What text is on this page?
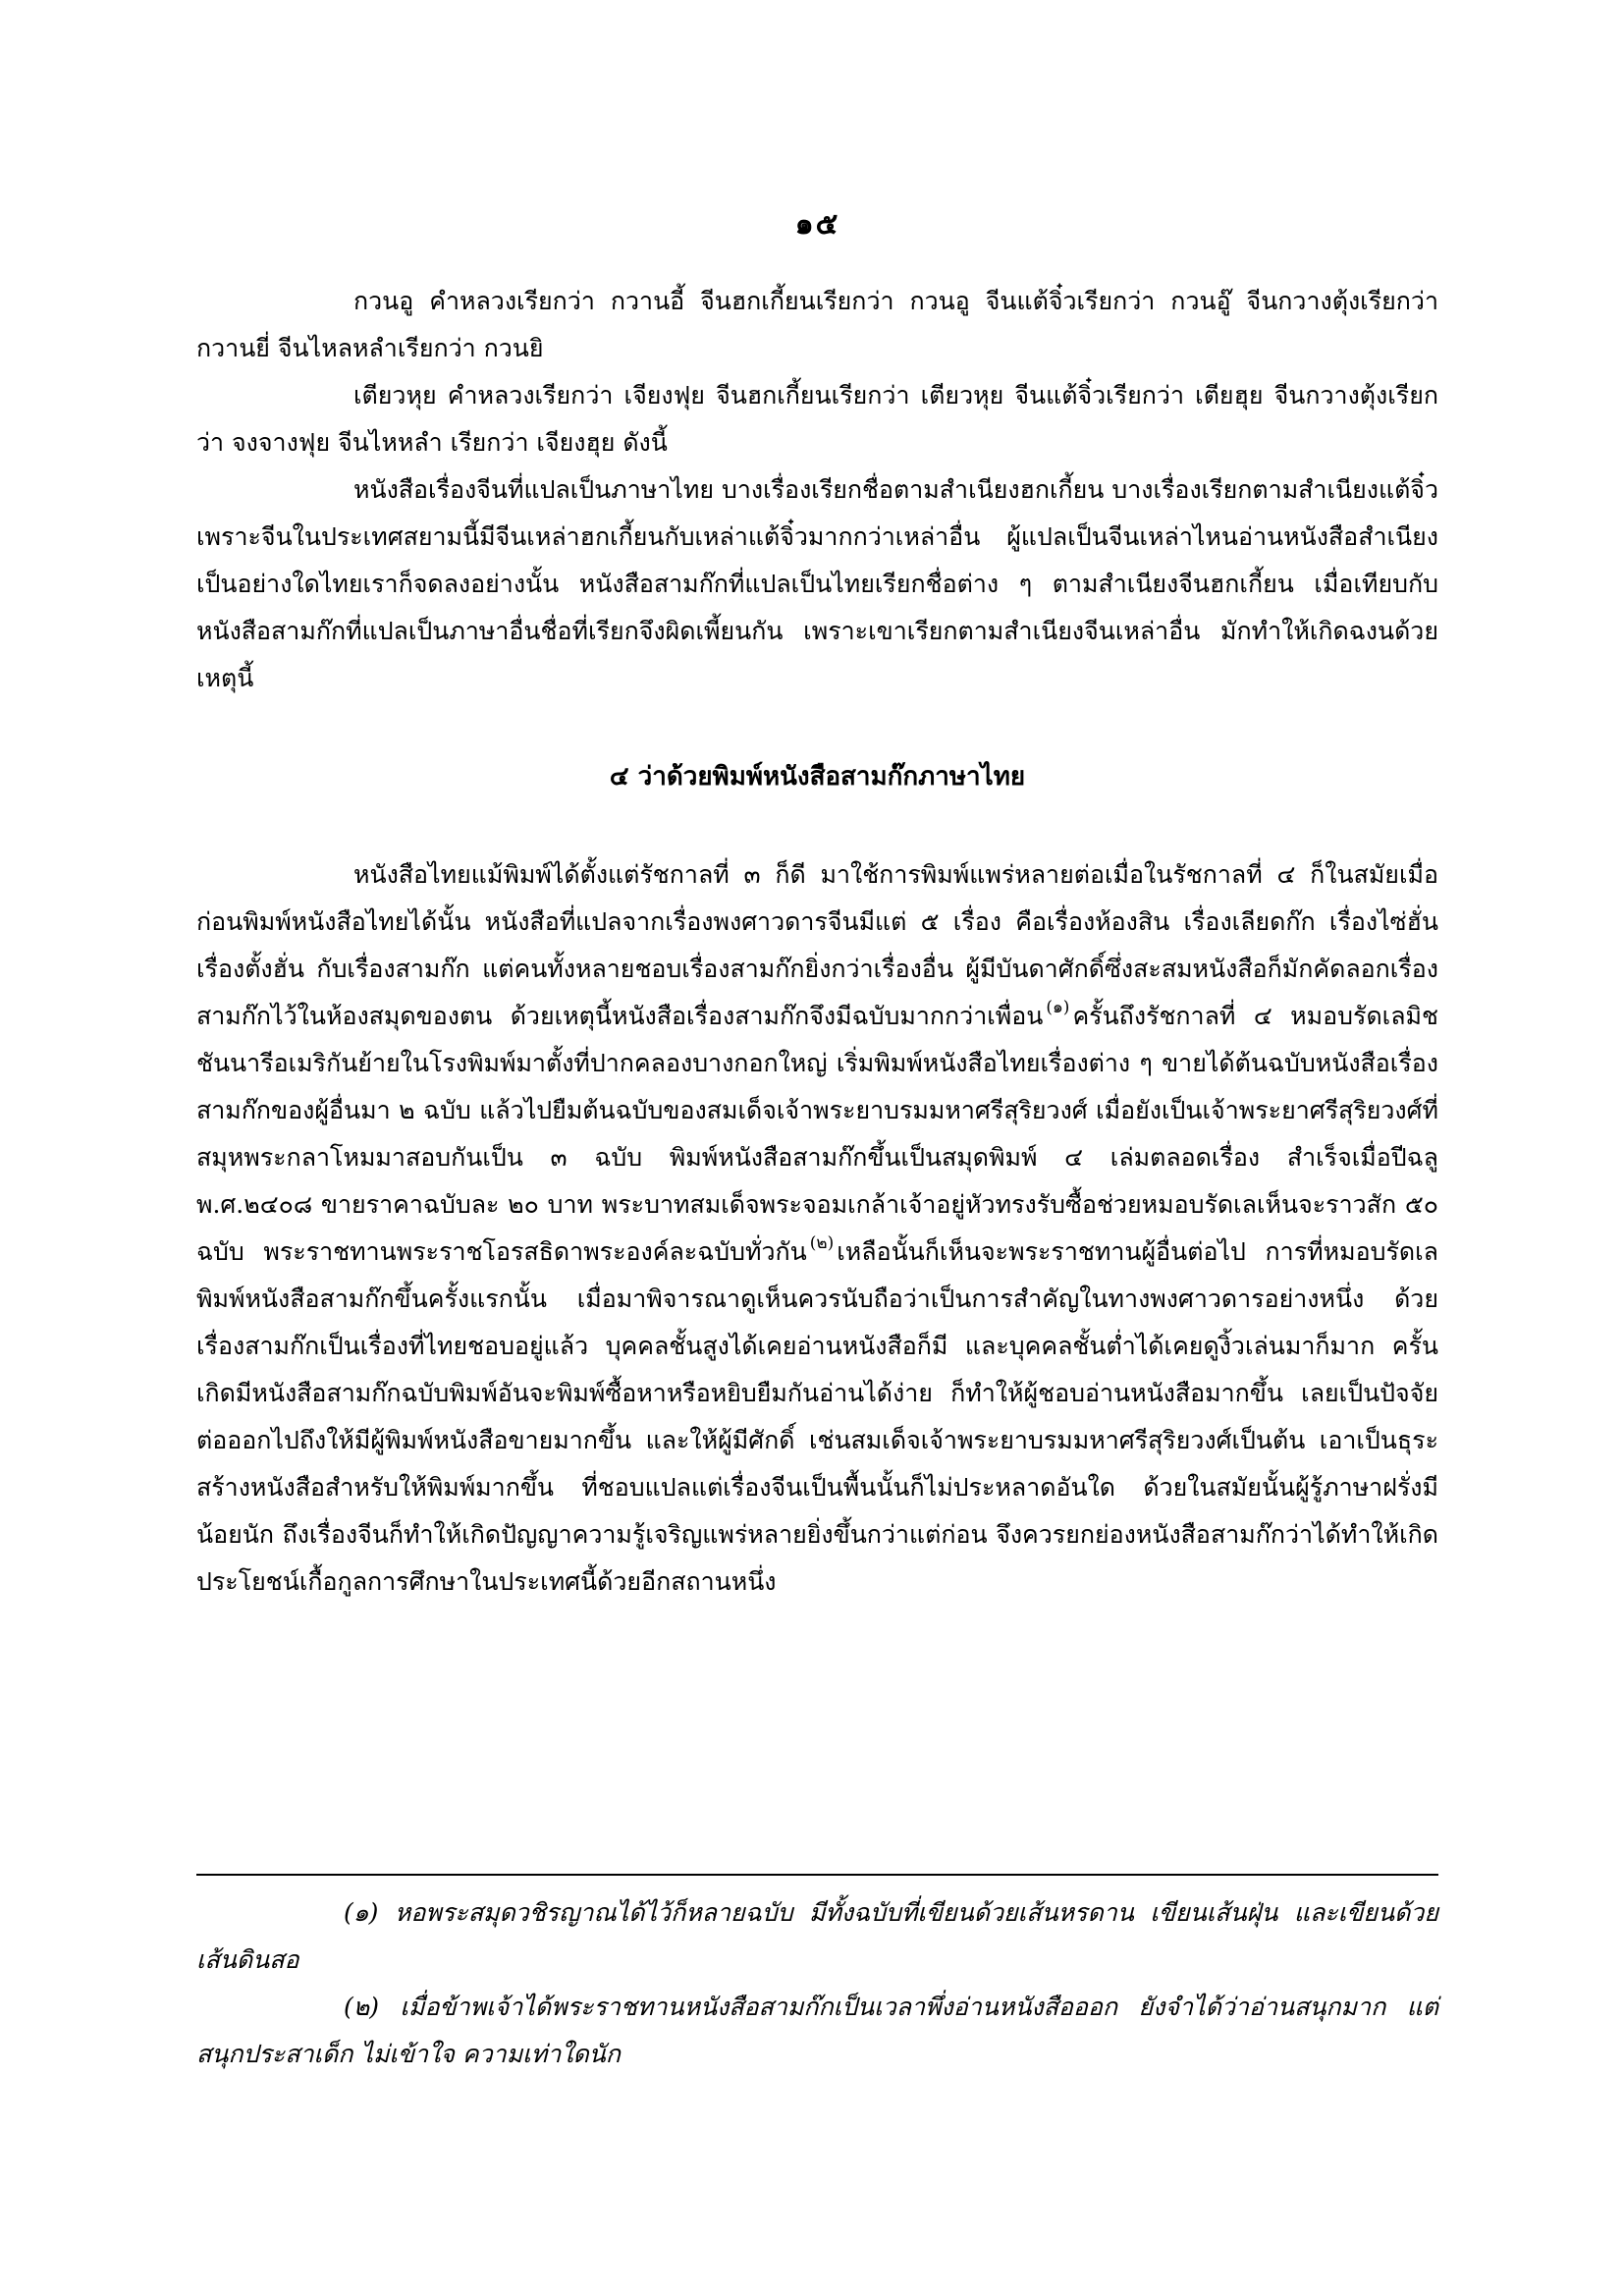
๑๕

กวนอู คำหลวงเรียกว่า กวานอี้ จีนฮกเกี้ยนเรียกว่า กวนอู จีนแต้จิ๋วเรียกว่า กวนอู๊ จีนกวางตุ้งเรียกว่า กวานยี่ จีนไหลหลำเรียกว่า กวนยิ

เตียวหุย คำหลวงเรียกว่า เจียงฟุย จีนฮกเกี้ยนเรียกว่า เตียวหุย จีนแต้จิ๋วเรียกว่า เตียฮุย จีนกวางตุ้งเรียกว่า จงจางฟุย จีนไหหลำ เรียกว่า เจียงฮุย ดังนี้

หนังสือเรื่องจีนที่แปลเป็นภาษาไทย บางเรื่องเรียกชื่อตามสำเนียงฮกเกี้ยน บางเรื่องเรียกตามสำเนียงแต้จิ๋ว เพราะจีนในประเทศสยามนี้มีจีนเหล่าฮกเกี้ยนกับเหล่าแต้จิ๋วมากกว่าเหล่าอื่น ผู้แปลเป็นจีนเหล่าไหนอ่านหนังสือสำเนียงเป็นอย่างใดไทยเราก็จดลงอย่างนั้น หนังสือสามก๊กที่แปลเป็นไทยเรียกชื่อต่าง ๆ ตามสำเนียงจีนฮกเกี้ยน เมื่อเทียบกับหนังสือสามก๊กที่แปลเป็นภาษาอื่นชื่อที่เรียกจึงผิดเพี้ยนกัน เพราะเขาเรียกตามสำเนียงจีนเหล่าอื่น มักทำให้เกิดฉงนด้วยเหตุนี้

๔ ว่าด้วยพิมพ์หนังสือสามก๊กภาษาไทย

หนังสือไทยแม้พิมพ์ได้ตั้งแต่รัชกาลที่ ๓ ก็ดี มาใช้การพิมพ์แพร่หลายต่อเมื่อในรัชกาลที่ ๔ ก็ในสมัยเมื่อก่อนพิมพ์หนังสือไทยได้นั้น หนังสือที่แปลจากเรื่องพงศาวดารจีนมีแต่ ๕ เรื่อง คือเรื่องห้องสิน เรื่องเลียดก๊ก เรื่องไซ่ฮั่น เรื่องตั้งฮั่น กับเรื่องสามก๊ก แต่คนทั้งหลายชอบเรื่องสามก๊กยิ่งกว่าเรื่องอื่น ผู้มีบันดาศักดิ์ซึ่งสะสมหนังสือก็มักคัดลอกเรื่องสามก๊กไว้ในห้องสมุดของตน ด้วยเหตุนี้หนังสือเรื่องสามก๊กจึงมีฉบับมากกว่าเพื่อน $^{(๑)}$ ครั้นถึงรัชกาลที่ ๔ หมอบรัดเลมิชชันนารีอเมริกันย้ายในโรงพิมพ์มาตั้งที่ปากคลองบางกอกใหญ่ เริ่มพิมพ์หนังสือไทยเรื่องต่าง ๆ ขายได้ต้นฉบับหนังสือเรื่องสามก๊กของผู้อื่นมา ๒ ฉบับ แล้วไปยืมต้นฉบับของสมเด็จเจ้าพระยาบรมมหาศรีสุริยวงศ์ เมื่อยังเป็นเจ้าพระยาศรีสุริยวงศ์ที่สมุหพระกลาโหมมาสอบกันเป็น ๓ ฉบับ พิมพ์หนังสือสามก๊กขึ้นเป็นสมุดพิมพ์ ๔ เล่มตลอดเรื่อง สำเร็จเมื่อปีฉลู พ.ศ.๒๔๐๘ ขายราคาฉบับละ ๒๐ บาท พระบาทสมเด็จพระจอมเกล้าเจ้าอยู่หัวทรงรับซื้อช่วยหมอบรัดเลเห็นจะราวสัก ๕๐ ฉบับ พระราชทานพระราชโอรสธิดาพระองค์ละฉบับทั่วกัน $^{(๒)}$ เหลือนั้นก็เห็นจะพระราชทานผู้อื่นต่อไป การที่หมอบรัดเลพิมพ์หนังสือสามก๊กขึ้นครั้งแรกนั้น เมื่อมาพิจารณาดูเห็นควรนับถือว่าเป็นการสำคัญในทางพงศาวดารอย่างหนึ่ง ด้วยเรื่องสามก๊กเป็นเรื่องที่ไทยชอบอยู่แล้ว บุคคลชั้นสูงได้เคยอ่านหนังสือก็มี และบุคคลชั้นต่ำได้เคยดูงิ้วเล่นมาก็มาก ครั้นเกิดมีหนังสือสามก๊กฉบับพิมพ์อันจะพิมพ์ซื้อหาหรือหยิบยืมกันอ่านได้ง่าย ก็ทำให้ผู้ชอบอ่านหนังสือมากขึ้น เลยเป็นปัจจัยต่อออกไปถึงให้มีผู้พิมพ์หนังสือขายมากขึ้น และให้ผู้มีศักดิ์ เช่นสมเด็จเจ้าพระยาบรมมหาศรีสุริยวงศ์เป็นต้น เอาเป็นธุระสร้างหนังสือสำหรับให้พิมพ์มากขึ้น ที่ชอบแปลแต่เรื่องจีนเป็นพื้นนั้นก็ไม่ประหลาดอันใด ด้วยในสมัยนั้นผู้รู้ภาษาฝรั่งมีน้อยนัก ถึงเรื่องจีนก็ทำให้เกิดปัญญาความรู้เจริญแพร่หลายยิ่งขึ้นกว่าแต่ก่อน จึงควรยกย่องหนังสือสามก๊กว่าได้ทำให้เกิดประโยชน์เกื้อกูลการศึกษาในประเทศนี้ด้วยอีกสถานหนึ่ง

(๑) หอพระสมุดวชิรญาณได้ไว้ก็หลายฉบับ มีทั้งฉบับที่เขียนด้วยเส้นหรดาน เขียนเส้นฝุ่น และเขียนด้วยเส้นดินสอ

(๒) เมื่อข้าพเจ้าได้พระราชทานหนังสือสามก๊กเป็นเวลาพึ่งอ่านหนังสือออก ยังจำได้ว่าอ่านสนุกมาก แต่สนุกประสาเด็ก ไม่เข้าใจ ความเท่าใดนัก
